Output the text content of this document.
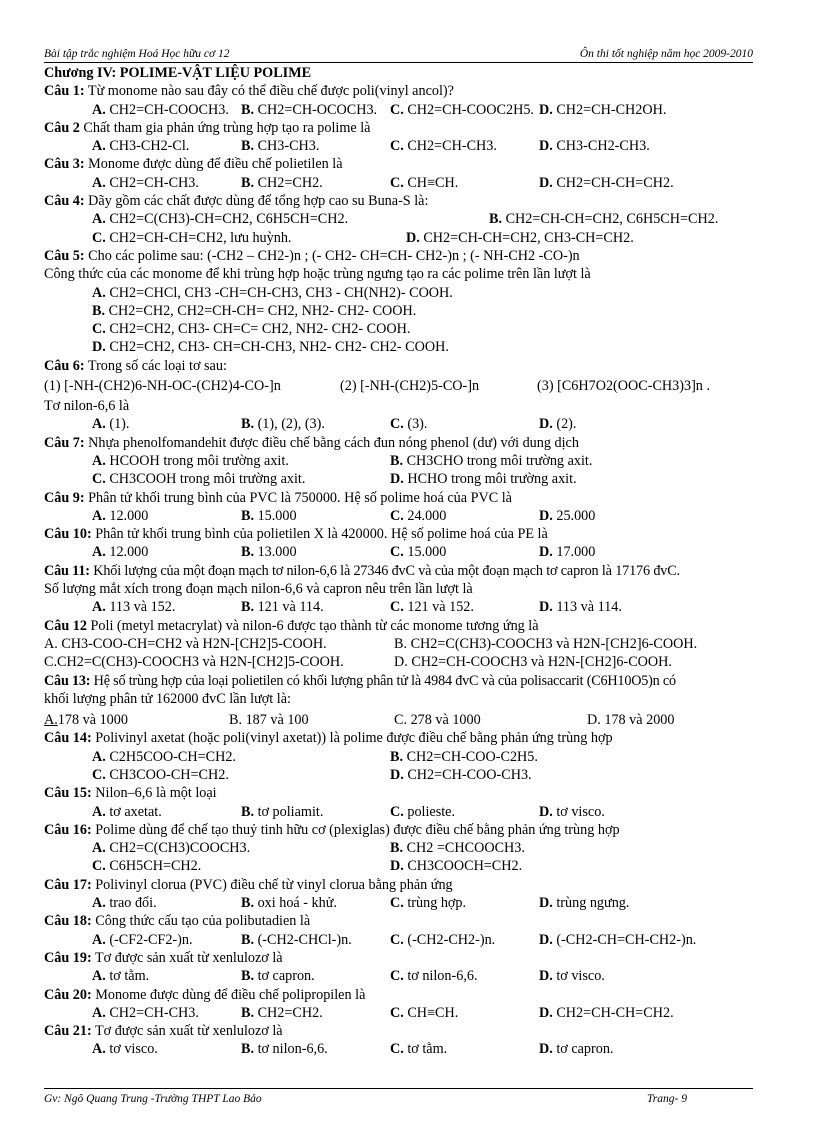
Bài tập trắc nghiệm Hoá Học hữu cơ 12	Ôn thi tốt nghiệp năm học 2009-2010
Chương IV: POLIME-VẬT LIỆU POLIME
Câu 1: Từ monome nào sau đây có thể điều chế được poli(vinyl ancol)?
A. CH2=CH-COOCH3. B. CH2=CH-OCOCH3. C. CH2=CH-COOC2H5. D. CH2=CH-CH2OH.
Câu 2 Chất tham gia phản ứng trùng hợp tạo ra polime là
A. CH3-CH2-Cl.	B. CH3-CH3.	C. CH2=CH-CH3.	D. CH3-CH2-CH3.
Câu 3: Monome được dùng để điều chế polietilen là
A. CH2=CH-CH3.	B. CH2=CH2.	C. CH≡CH.	D. CH2=CH-CH=CH2.
Câu 4: Dãy gồm các chất được dùng để tổng hợp cao su Buna-S là:
A. CH2=C(CH3)-CH=CH2, C6H5CH=CH2.	B. CH2=CH-CH=CH2, C6H5CH=CH2.
C. CH2=CH-CH=CH2, lưu huỳnh.	D. CH2=CH-CH=CH2, CH3-CH=CH2.
Câu 5: Cho các polime sau: (-CH2 – CH2-)n ; (- CH2- CH=CH- CH2-)n ; (- NH-CH2 -CO-)n
Công thức của các monome để khi trùng hợp hoặc trùng ngưng tạo ra các polime trên lần lượt là
A. CH2=CHCl, CH3 -CH=CH-CH3, CH3 - CH(NH2)- COOH.
B. CH2=CH2, CH2=CH-CH= CH2, NH2- CH2- COOH.
C. CH2=CH2, CH3- CH=C= CH2, NH2- CH2- COOH.
D. CH2=CH2, CH3- CH=CH-CH3, NH2- CH2- CH2- COOH.
Câu 6: Trong số các loại tơ sau:
(1) [-NH-(CH2)6-NH-OC-(CH2)4-CO-]n	(2) [-NH-(CH2)5-CO-]n	(3) [C6H7O2(OOC-CH3)3]n .
Tơ nilon-6,6 là
A. (1).	B. (1), (2), (3).	C. (3).	D. (2).
Câu 7: Nhựa phenolfomandehit được điều chế bằng cách đun nóng phenol (dư) với dung dịch
A. HCOOH trong môi trường axit.	B. CH3CHO trong môi trường axit.
C. CH3COOH trong môi trường axit.	D. HCHO trong môi trường axit.
Câu 9: Phân tử khối trung bình của PVC là 750000. Hệ số polime hoá của PVC là
A. 12.000	B. 15.000	C. 24.000	D. 25.000
Câu 10: Phân tử khối trung bình của polietilen X là 420000. Hệ số polime hoá của PE là
A. 12.000	B. 13.000	C. 15.000	D. 17.000
Câu 11: Khối lượng của một đoạn mạch tơ nilon-6,6 là 27346 đvC và của một đoạn mạch tơ capron là 17176 đvC.
Số lượng mắt xích trong đoạn mạch nilon-6,6 và capron nêu trên lần lượt là
A. 113 và 152.	B. 121 và 114.	C. 121 và 152.	D. 113 và 114.
Câu 12 Poli (metyl metacrylat) và nilon-6 được tạo thành từ các monome tương ứng là
A. CH3-COO-CH=CH2 và H2N-[CH2]5-COOH.	B. CH2=C(CH3)-COOCH3 và H2N-[CH2]6-COOH.
C.CH2=C(CH3)-COOCH3 và H2N-[CH2]5-COOH.	D. CH2=CH-COOCH3 và H2N-[CH2]6-COOH.
Câu 13: Hệ số trùng hợp của loại polietilen có khối lượng phân tử là 4984 đvC và của polisaccarit (C6H10O5)n có
khối lượng phân tử 162000 đvC lần lượt là:
A.178 và 1000	B. 187 và 100	C. 278 và 1000	D. 178 và 2000
Câu 14: Polivinyl axetat (hoặc poli(vinyl axetat)) là polime được điều chế bằng phản ứng trùng hợp
A. C2H5COO-CH=CH2.	B. CH2=CH-COO-C2H5.
C. CH3COO-CH=CH2.	D. CH2=CH-COO-CH3.
Câu 15: Nilon–6,6 là một loại
A. tơ axetat.	B. tơ poliamit.	C. polieste.	D. tơ visco.
Câu 16: Polime dùng để chế tạo thuỷ tinh hữu cơ (plexiglas) được điều chế bằng phản ứng trùng hợp
A. CH2=C(CH3)COOCH3.	B. CH2 =CHCOOCH3.
C. C6H5CH=CH2.	D. CH3COOCH=CH2.
Câu 17: Polivinyl clorua (PVC) điều chế từ vinyl clorua bằng phản ứng
A. trao đổi.	B. oxi hoá - khử.	C. trùng hợp.	D. trùng ngưng.
Câu 18: Công thức cấu tạo của polibutadien là
A. (-CF2-CF2-)n.	B. (-CH2-CHCl-)n.	C. (-CH2-CH2-)n.	D. (-CH2-CH=CH-CH2-)n.
Câu 19: Tơ được sản xuất từ xenlulozơ là
A. tơ tằm.	B. tơ capron.	C. tơ nilon-6,6.	D. tơ visco.
Câu 20: Monome được dùng để điều chế polipropilen là
A. CH2=CH-CH3.	B. CH2=CH2.	C. CH≡CH.	D. CH2=CH-CH=CH2.
Câu 21: Tơ được sản xuất từ xenlulozơ là
A. tơ visco.	B. tơ nilon-6,6.	C. tơ tằm.	D. tơ capron.
Gv: Ngô Quang Trung -Trường THPT Lao Bảo	Trang- 9
